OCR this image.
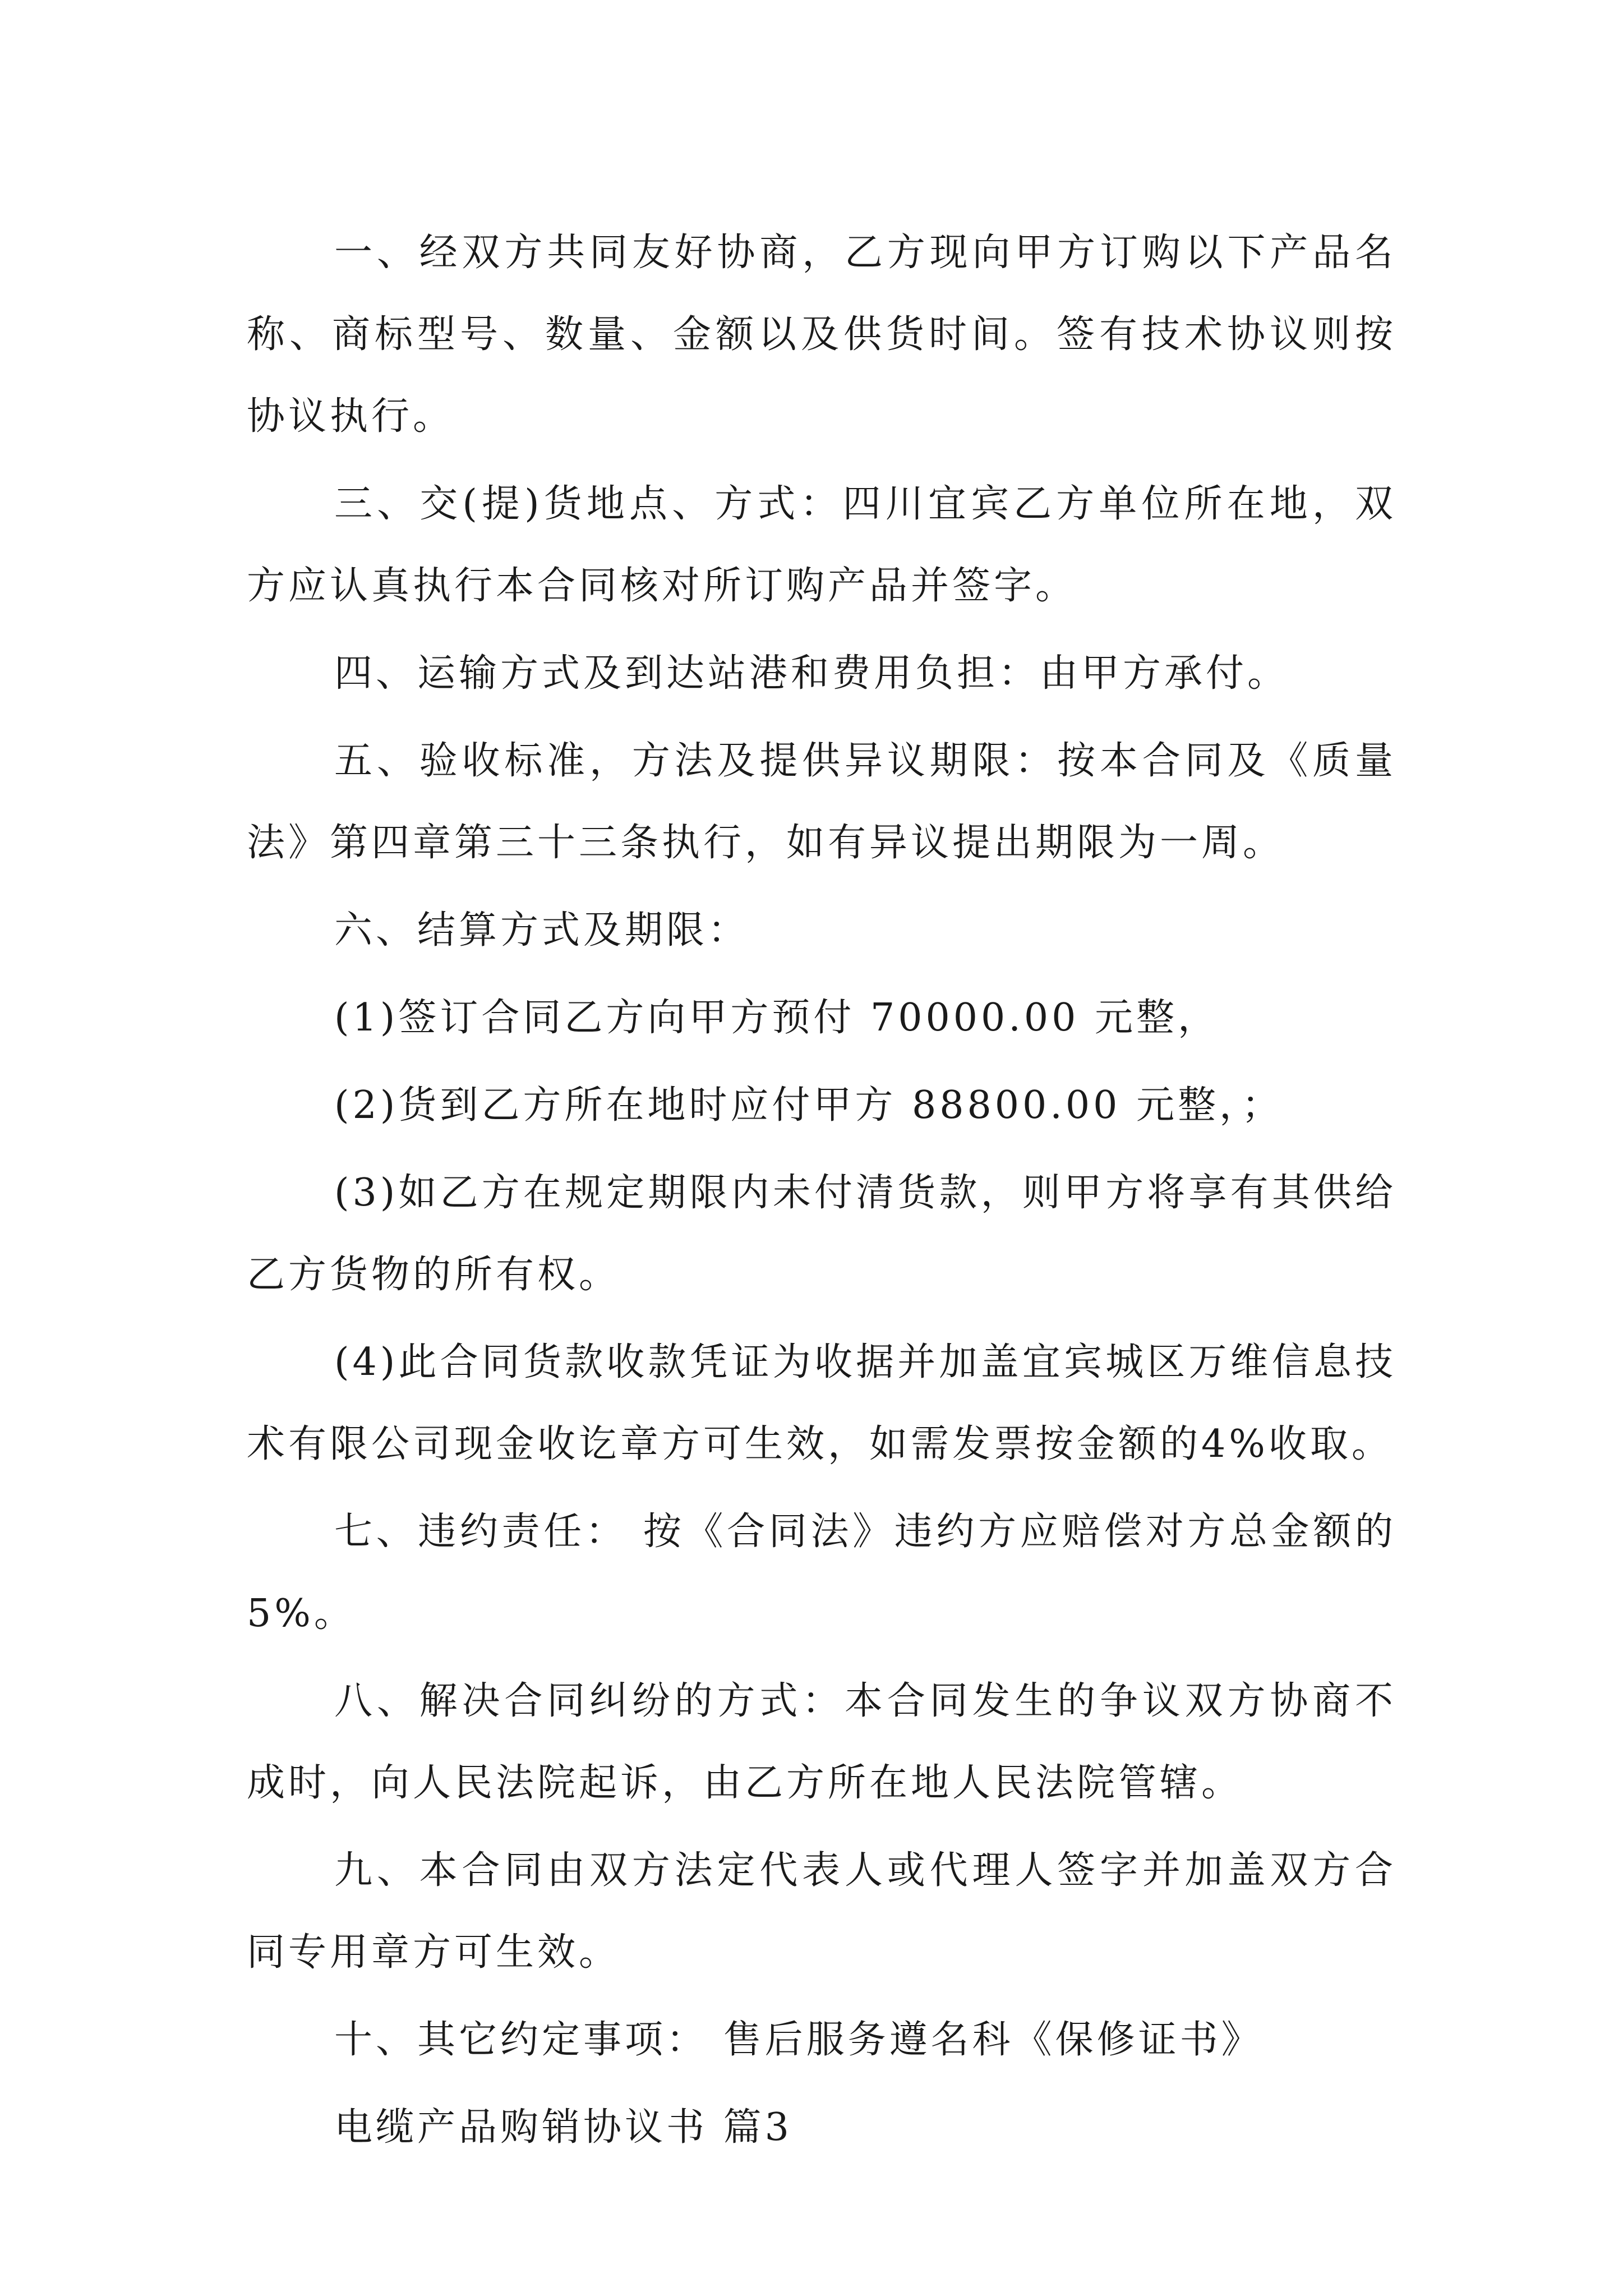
一、经双方共同友好协商，乙方现向甲方订购以下产品名称、商标型号、数量、金额以及供货时间。签有技术协议则按协议执行。

三、交(提)货地点、方式：四川宜宾乙方单位所在地，双方应认真执行本合同核对所订购产品并签字。

四、运输方式及到达站港和费用负担：由甲方承付。

五、验收标准，方法及提供异议期限：按本合同及《质量法》第四章第三十三条执行，如有异议提出期限为一周。

六、结算方式及期限：

(1)签订合同乙方向甲方预付 70000.00 元整，

(2)货到乙方所在地时应付甲方 88800.00 元整，；

(3)如乙方在规定期限内未付清货款，则甲方将享有其供给乙方货物的所有权。

(4)此合同货款收款凭证为收据并加盖宜宾城区万维信息技术有限公司现金收讫章方可生效，如需发票按金额的4%收取。

七、违约责任： 按《合同法》违约方应赔偿对方总金额的5%。

八、解决合同纠纷的方式：本合同发生的争议双方协商不成时，向人民法院起诉，由乙方所在地人民法院管辖。

九、本合同由双方法定代表人或代理人签字并加盖双方合同专用章方可生效。

十、其它约定事项： 售后服务遵名科《保修证书》

电缆产品购销协议书 篇3
